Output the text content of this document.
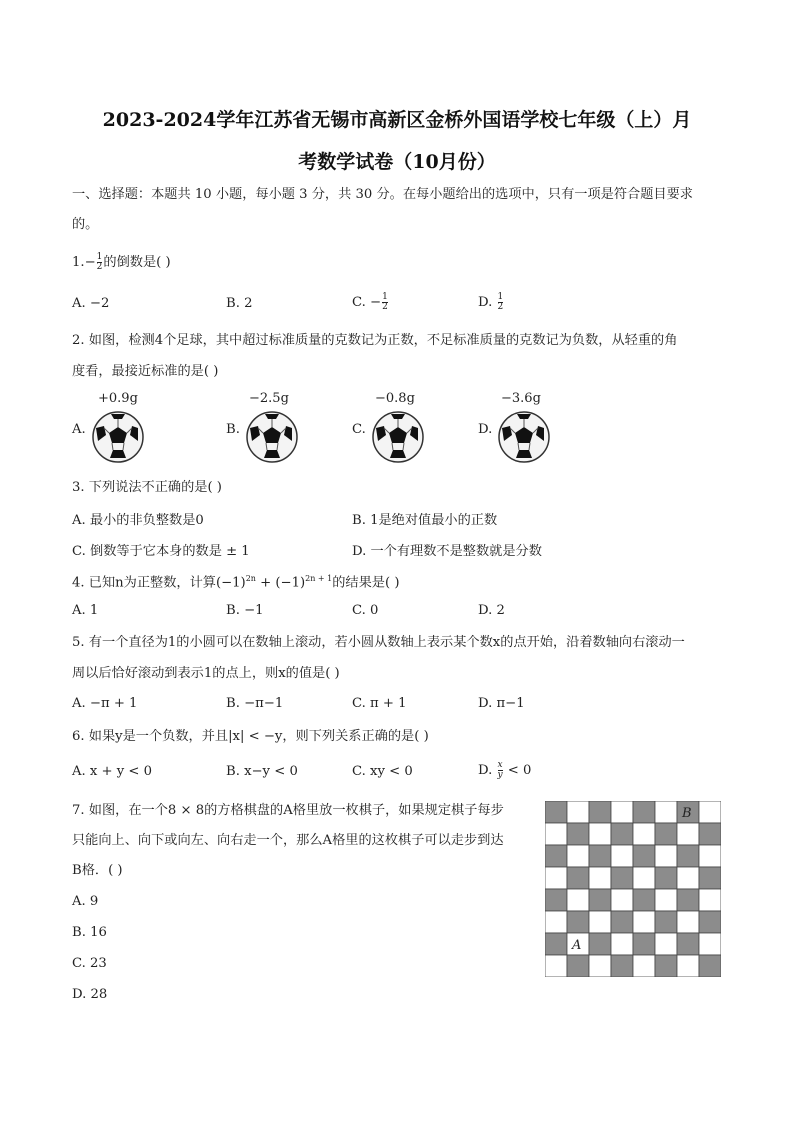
2023-2024学年江苏省无锡市高新区金桥外国语学校七年级（上）月
考数学试卷（10月份）
一、选择题：本题共 10 小题，每小题 3 分，共 30 分。在每小题给出的选项中，只有一项是符合题目要求
的。
$1.- \frac{1}{2}$ 的倒数是( )
A. −2	B. 2	C. − $\frac{1}{2}$	D. $\frac{1}{2}$
2. 如图，检测4个足球，其中超过标准质量的克数记为正数，不足标准质量的克数记为负数，从轻重的角
度看，最接近标准的是( )
+0.9g	−2.5g	−0.8g	−3.6g
A.	B.	C.	D.
3. 下列说法不正确的是( )
A. 最小的非负整数是0	B. 1是绝对值最小的正数
C. 倒数等于它本身的数是 ± 1	D. 一个有理数不是整数就是分数
4. 已知n为正整数，计算$(-1)^{2n} + (-1)^{2n + 1}$的结果是( )
A. 1	B. −1	C. 0	D. 2
5. 有一个直径为1的小圆可以在数轴上滚动，若小圆从数轴上表示某个数x的点开始，沿着数轴向右滚动一
周以后恰好滚动到表示1的点上，则x的值是( )
A. −π + 1	B. −π−1	C. π + 1	D. π−1
6. 如果y是一个负数，并且|x| < −y，则下列关系正确的是( )
A. x + y < 0	B. x−y < 0	C. xy < 0	D. $\frac{x}{y} < 0$
7. 如图，在一个8 × 8的方格棋盘的A格里放一枚棋子，如果规定棋子每步
只能向上、向下或向左、向右走一个，那么A格里的这枚棋子可以走步到达
B格．( )
A. 9
B. 16
C. 23
D. 28
B
A
